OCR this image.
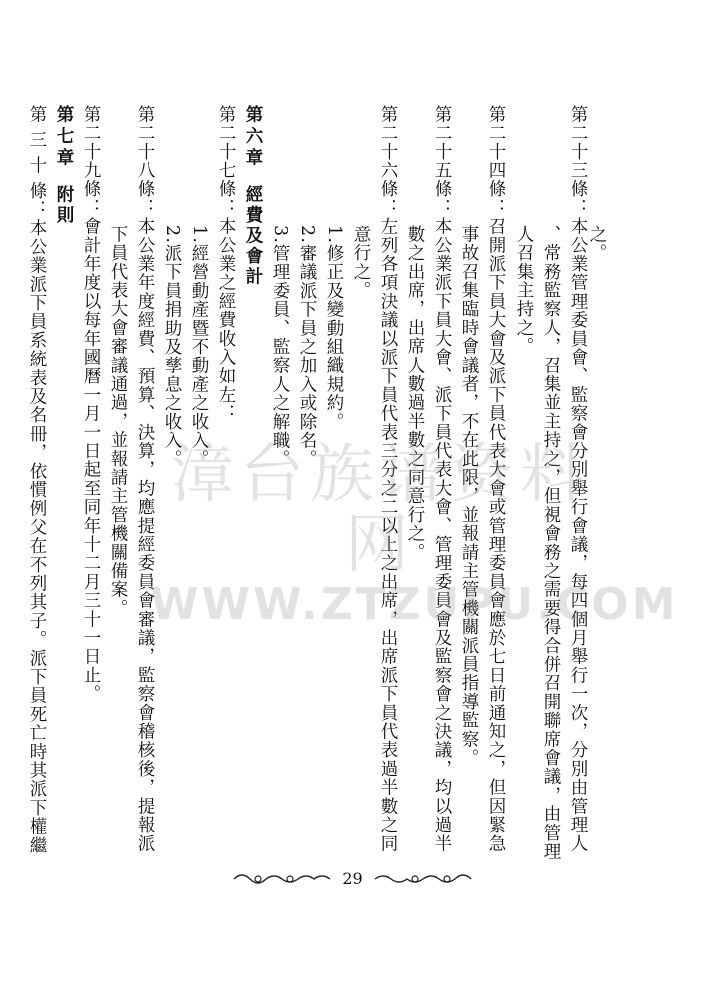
第二十三條：本公業管理委員會、監察會分別舉行會議，每四個月舉行一次，分別由管理人
、常務監察人，召集並主持之，但視會務之需要得合併召開聯席會議，由管理
人召集主持之。	之。
第二十四條：召開派下員大會及派下員代表大會或管理委員會應於七日前通知之，但因緊急
事故召集臨時會議者，不在此限，並報請主管機關派員指導監察。
第二十五條：本公業派下員大會、派下員代表大會、管理委員會及監察會之決議，均以過半
數之出席，出席人數過半數之同意行之。
第二十六條：左列各項決議以派下員代表三分之二以上之出席，出席派下員代表過半數之同
意行之。
1.修正及變動組織規約。
2.審議派下員之加入或除名。
3.管理委員、監察人之解職。
第六章
經費及會計
第二十七條：本公業之經費收入如左：
1.經營動產暨不動產之收入。
2.派下員捐助及孳息之收入。
第二十八條：本公業年度經費、預算、決算，均應提經委員會審議，監察會稽核後，提報派
下員代表大會審議通過，並報請主管機關備案。
第二十九條：會計年度以每年國曆一月一日起至同年十二月三十一日止。
第七章
附則
第 三 十 條：本公業派下員系統表及名冊，依慣例父在不列其子。派下員死亡時其派下權繼	漳台族谱资料网
WWW.ZTZUPU.COM
29
